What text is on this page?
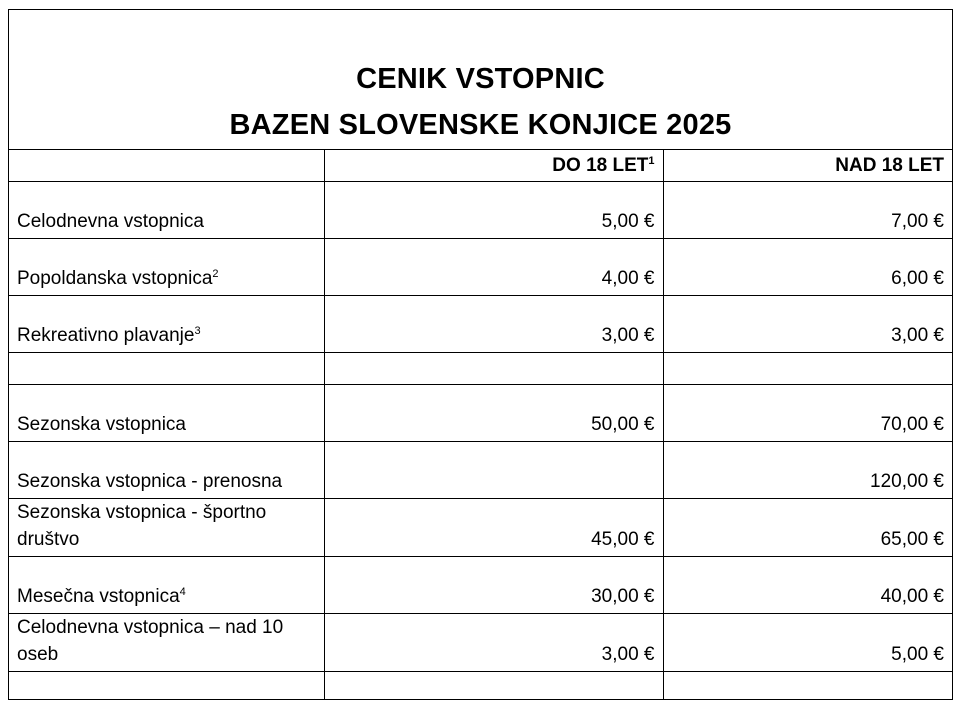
CENIK VSTOPNIC
BAZEN SLOVENSKE KONJICE 2025
	DO 18 LET$^1$	NAD 18 LET
Celodnevna vstopnica	5,00 €	7,00 €
Popoldanska vstopnica$^2$	4,00 €	6,00 €
Rekreativno plavanje$^3$	3,00 €	3,00 €

Sezonska vstopnica	50,00 €	70,00 €
Sezonska vstopnica - prenosna		120,00 €
Sezonska vstopnica - športno društvo	45,00 €	65,00 €
Mesečna vstopnica$^4$	30,00 €	40,00 €
Celodnevna vstopnica – nad 10 oseb	3,00 €	5,00 €
